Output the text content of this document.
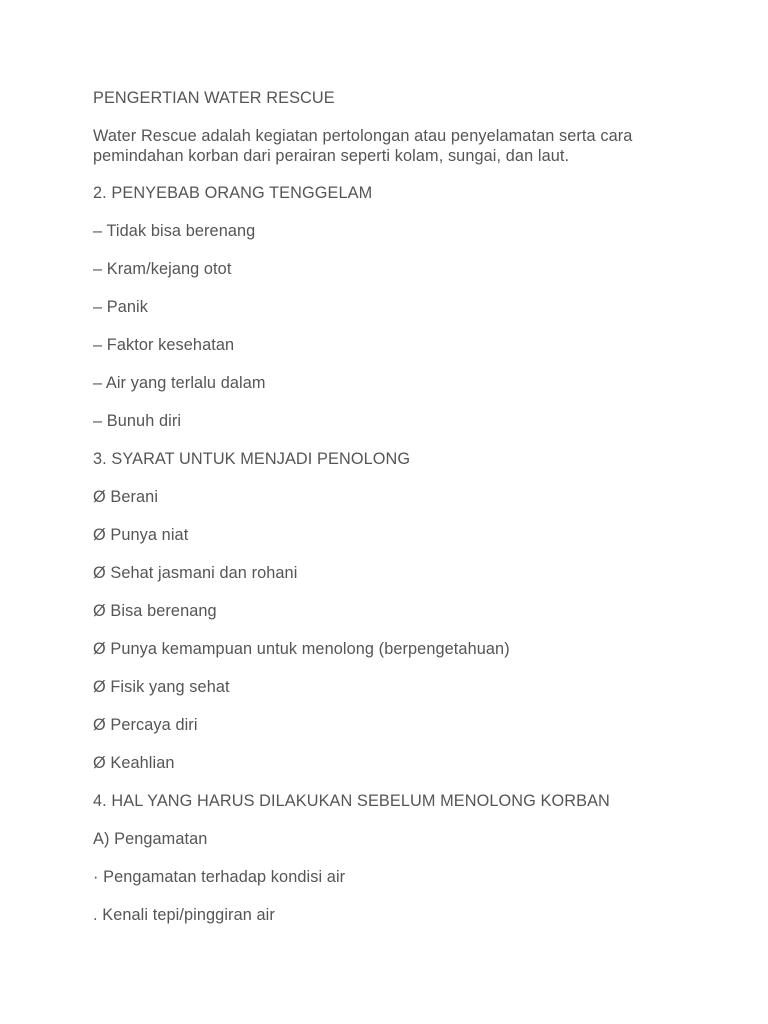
PENGERTIAN WATER RESCUE

Water Rescue adalah kegiatan pertolongan atau penyelamatan serta cara
pemindahan korban dari perairan seperti kolam, sungai, dan laut.

2. PENYEBAB ORANG TENGGELAM

– Tidak bisa berenang

– Kram/kejang otot

– Panik

– Faktor kesehatan

– Air yang terlalu dalam

– Bunuh diri

3. SYARAT UNTUK MENJADI PENOLONG

Ø Berani

Ø Punya niat

Ø Sehat jasmani dan rohani

Ø Bisa berenang

Ø Punya kemampuan untuk menolong (berpengetahuan)

Ø Fisik yang sehat

Ø Percaya diri

Ø Keahlian

4. HAL YANG HARUS DILAKUKAN SEBELUM MENOLONG KORBAN

A) Pengamatan

· Pengamatan terhadap kondisi air

. Kenali tepi/pinggiran air
